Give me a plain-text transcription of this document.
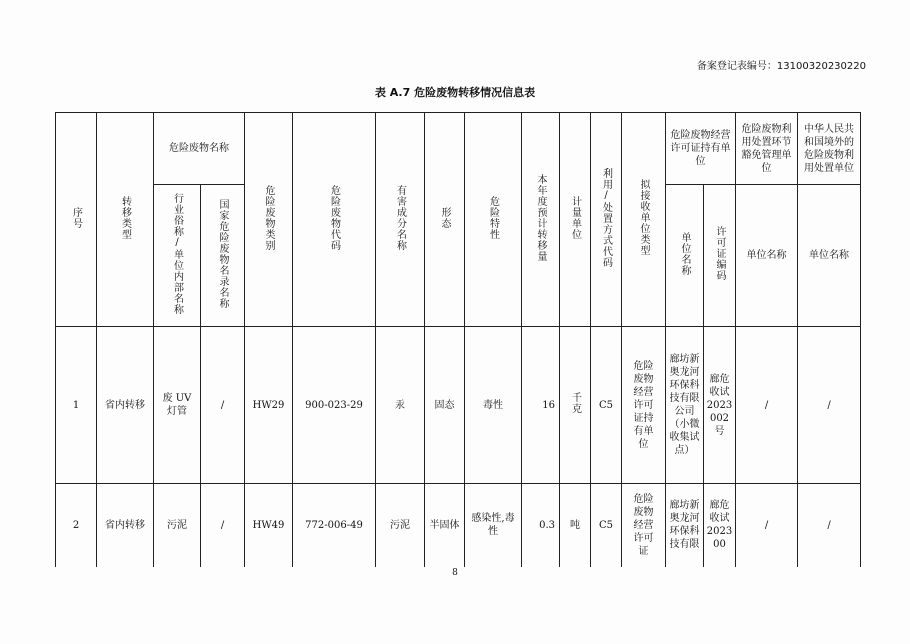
备案登记表编号：13100320230220
表 A.7 危险废物转移情况信息表
序号	转移类型	危险废物名称		危险废物类别	危险废物代码	有害成分名称	形态	危险特性	本年度预计转移量	计量单位	利用/处置方式代码	拟接收单位类型	危险废物经营许可证持有单位		危险废物利用处置环节豁免管理单位	中华人民共和国境外的危险废物利用处置单位
		行业俗称/单位内部名称	国家危险废物名录名称										单位名称	许可证编码	单位名称	单位名称
1	省内转移	废 UV 灯管	/	HW29	900-023-29	汞	固态	毒性	16	千克	C5	危险废物经营许可证持有单位	廊坊新奥龙河环保科技有限公司（小微收集试点）	廊危收试2023002号	/	/
2	省内转移	污泥	/	HW49	772-006-49	污泥	半固体	感染性,毒性	0.3	吨	C5	危险废物经营许可证	廊坊新奥龙河环保科技有限	廊危收试202300	/	/
8
